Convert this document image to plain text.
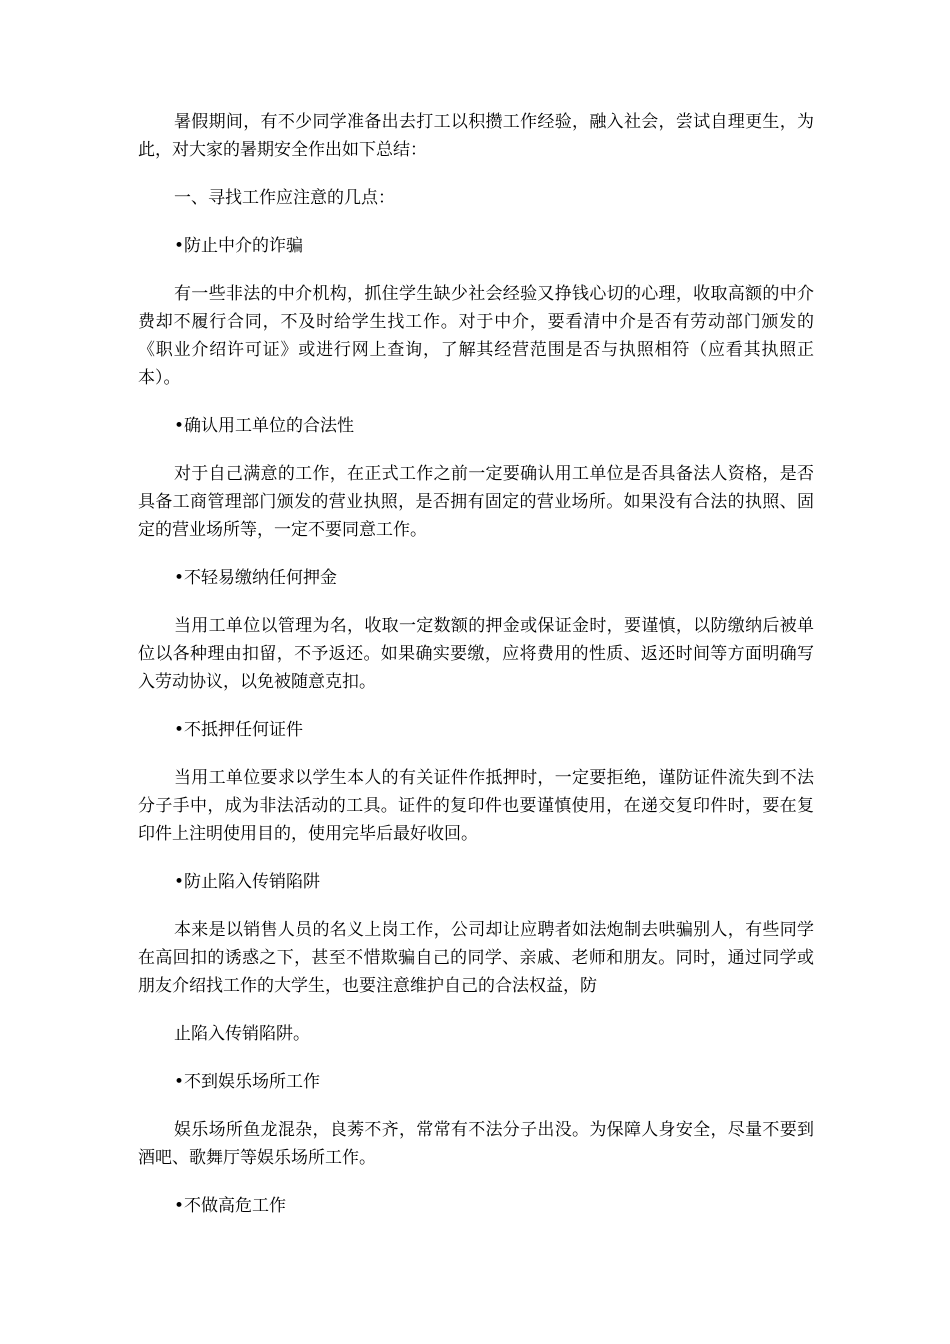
暑假期间，有不少同学准备出去打工以积攒工作经验，融入社会，尝试自理更生，为此，对大家的暑期安全作出如下总结：

一、寻找工作应注意的几点：

•防止中介的诈骗

有一些非法的中介机构，抓住学生缺少社会经验又挣钱心切的心理，收取高额的中介费却不履行合同，不及时给学生找工作。对于中介，要看清中介是否有劳动部门颁发的《职业介绍许可证》或进行网上查询，了解其经营范围是否与执照相符（应看其执照正本）。

•确认用工单位的合法性

对于自己满意的工作，在正式工作之前一定要确认用工单位是否具备法人资格，是否具备工商管理部门颁发的营业执照，是否拥有固定的营业场所。如果没有合法的执照、固定的营业场所等，一定不要同意工作。

•不轻易缴纳任何押金

当用工单位以管理为名，收取一定数额的押金或保证金时，要谨慎，以防缴纳后被单位以各种理由扣留，不予返还。如果确实要缴，应将费用的性质、返还时间等方面明确写入劳动协议，以免被随意克扣。

•不抵押任何证件

当用工单位要求以学生本人的有关证件作抵押时，一定要拒绝，谨防证件流失到不法分子手中，成为非法活动的工具。证件的复印件也要谨慎使用，在递交复印件时，要在复印件上注明使用目的，使用完毕后最好收回。

•防止陷入传销陷阱

本来是以销售人员的名义上岗工作，公司却让应聘者如法炮制去哄骗别人，有些同学在高回扣的诱惑之下，甚至不惜欺骗自己的同学、亲戚、老师和朋友。同时，通过同学或朋友介绍找工作的大学生，也要注意维护自己的合法权益，防

止陷入传销陷阱。

•不到娱乐场所工作

娱乐场所鱼龙混杂，良莠不齐，常常有不法分子出没。为保障人身安全，尽量不要到酒吧、歌舞厅等娱乐场所工作。

•不做高危工作
